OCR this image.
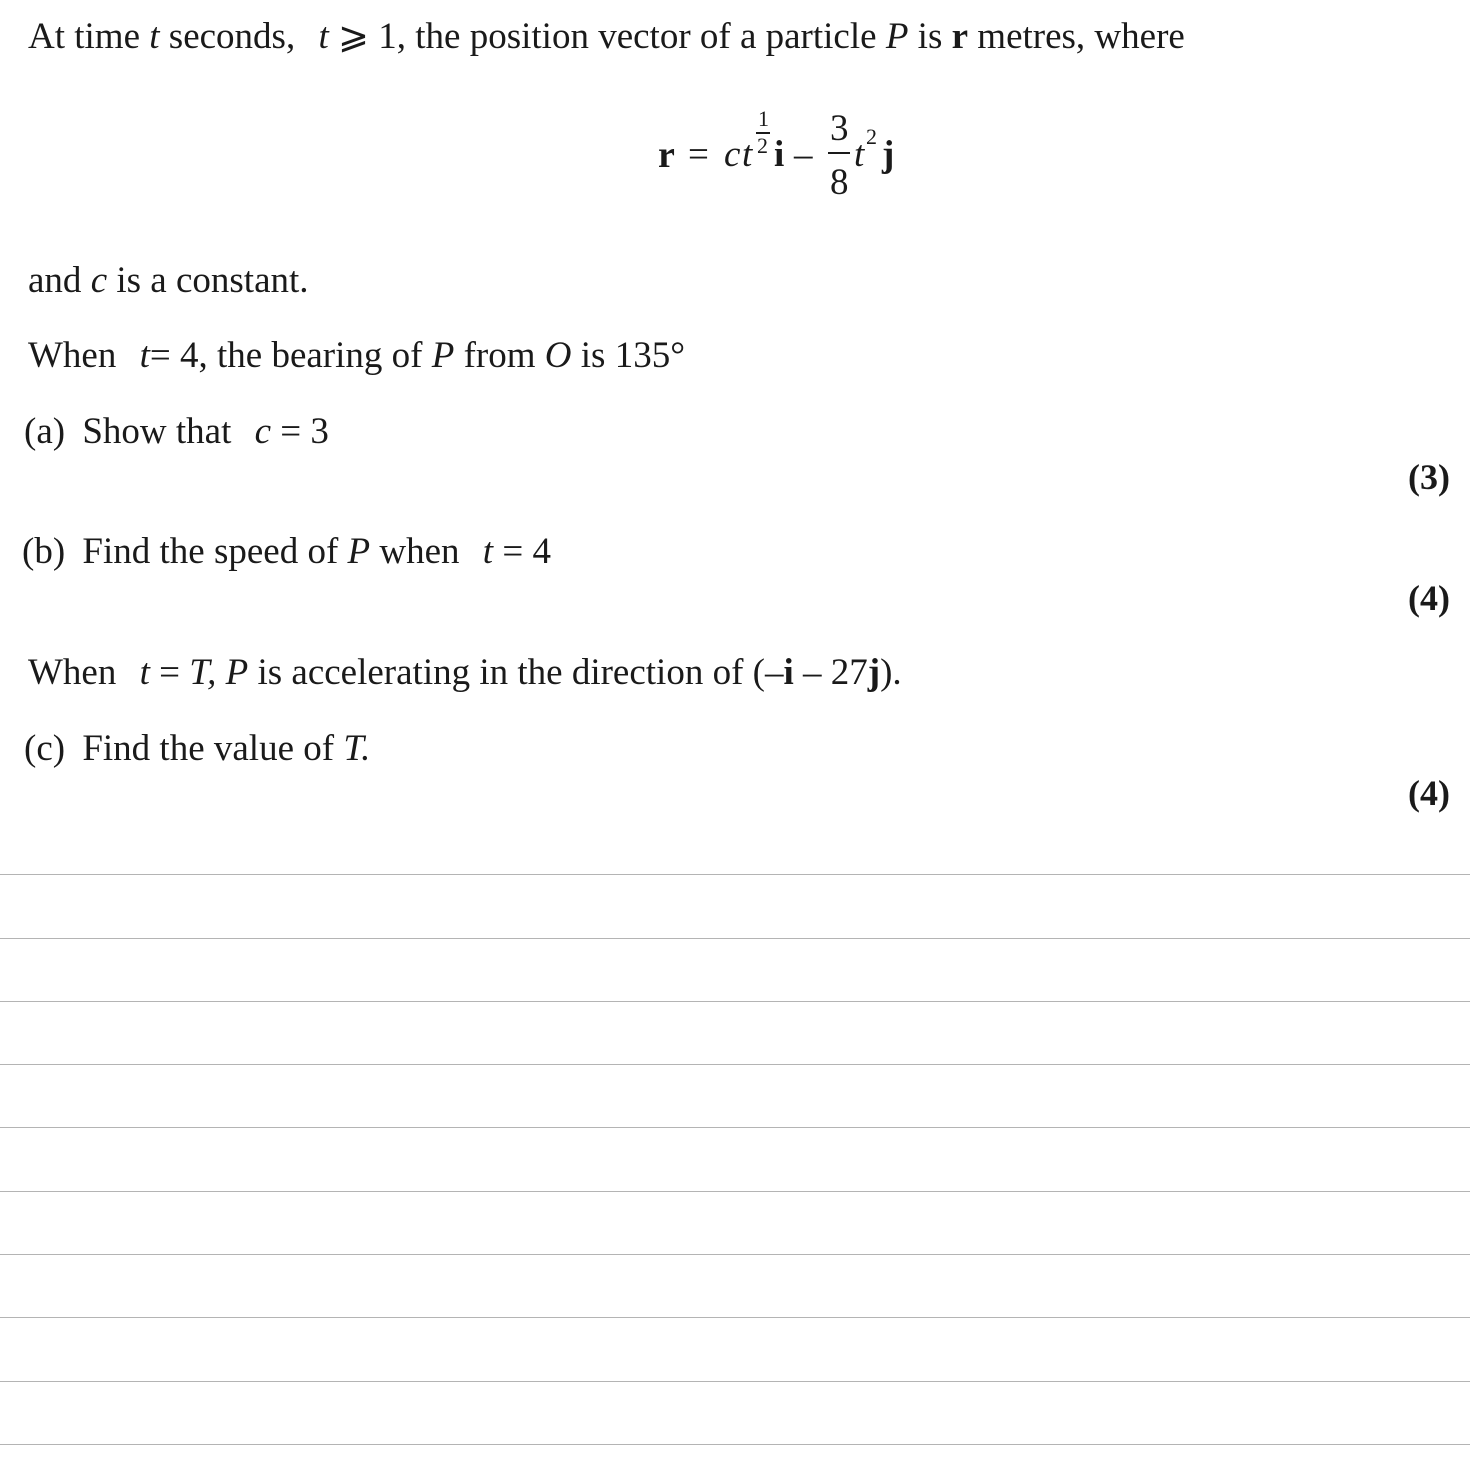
At time t seconds, t ⩾ 1, the position vector of a particle P is r metres, where
r = c t
1
2 i –
3
8
t 2 j
and c is a constant.
When t= 4, the bearing of P from O is 135°
(a) Show that c = 3
(3)
(b) Find the speed of P when t = 4
(4)
When t = T, P is accelerating in the direction of (–i – 27j).
(c) Find the value of T.
(4)
